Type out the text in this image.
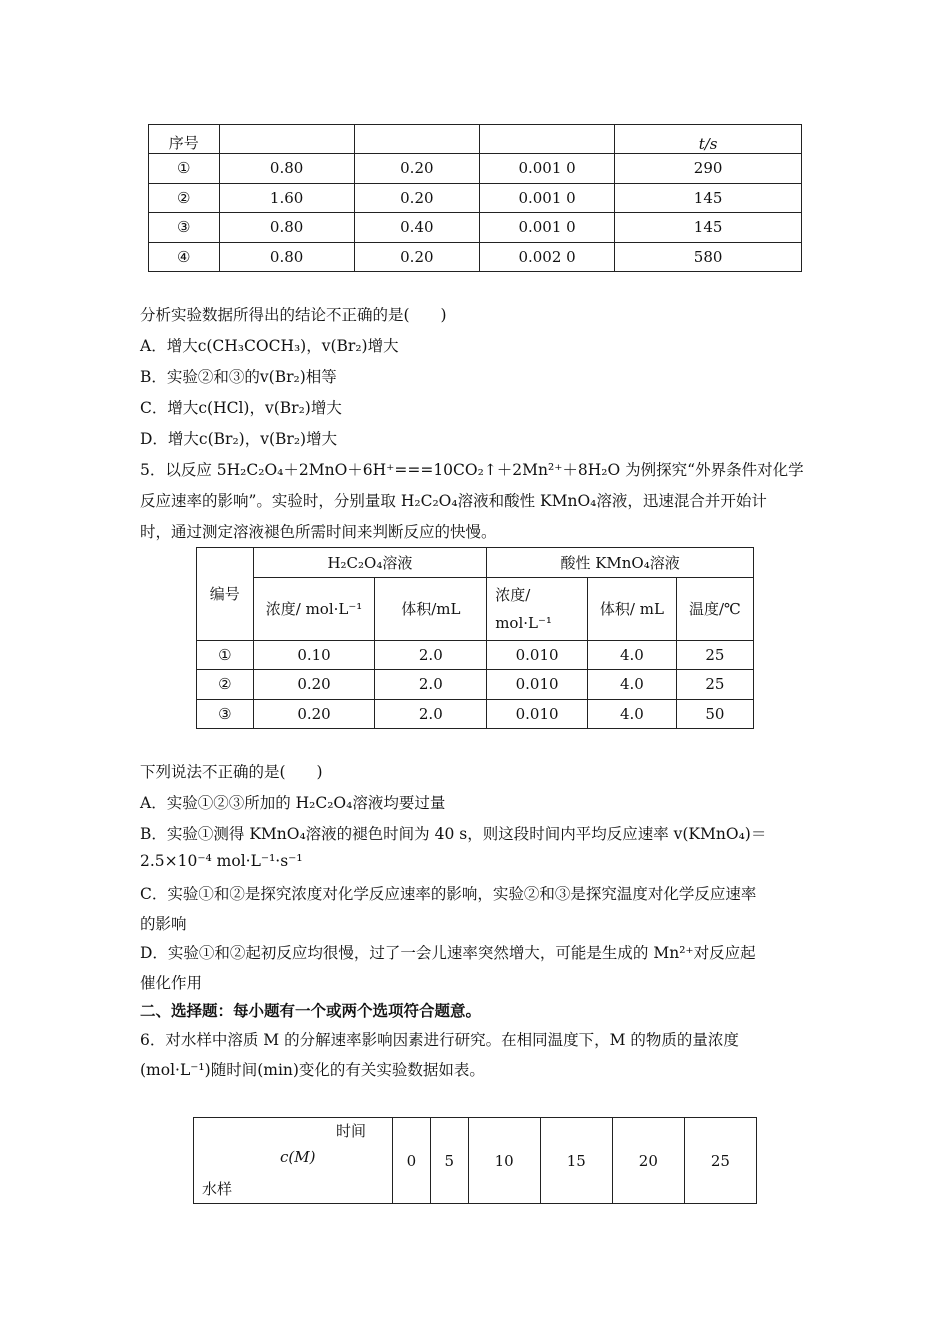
序号				t/s
①	0.80	0.20	0.001 0	290
②	1.60	0.20	0.001 0	145
③	0.80	0.40	0.001 0	145
④	0.80	0.20	0.002 0	580
分析实验数据所得出的结论不正确的是(　　)
A．增大c(CH₃COCH₃)，v(Br₂)增大
B．实验②和③的v(Br₂)相等
C．增大c(HCl)，v(Br₂)增大
D．增大c(Br₂)，v(Br₂)增大
5．以反应 5H₂C₂O₄＋2MnO＋6H⁺===10CO₂↑＋2Mn²⁺＋8H₂O 为例探究“外界条件对化学
反应速率的影响”。实验时，分别量取 H₂C₂O₄溶液和酸性 KMnO₄溶液，迅速混合并开始计
时，通过测定溶液褪色所需时间来判断反应的快慢。
编号	H₂C₂O₄溶液		酸性 KMnO₄溶液		
	浓度/ mol·L⁻¹	体积/mL	浓度/
mol·L⁻¹	体积/ mL	温度/℃
①	0.10	2.0	0.010	4.0	25
②	0.20	2.0	0.010	4.0	25
③	0.20	2.0	0.010	4.0	50
下列说法不正确的是(　　)
A．实验①②③所加的 H₂C₂O₄溶液均要过量
B．实验①测得 KMnO₄溶液的褪色时间为 40 s，则这段时间内平均反应速率 v(KMnO₄)＝
2.5×10⁻⁴ mol·L⁻¹·s⁻¹
C．实验①和②是探究浓度对化学反应速率的影响，实验②和③是探究温度对化学反应速率
的影响
D．实验①和②起初反应均很慢，过了一会儿速率突然增大，可能是生成的 Mn²⁺对反应起
催化作用
二、选择题：每小题有一个或两个选项符合题意。
6．对水样中溶质 M 的分解速率影响因素进行研究。在相同温度下，M 的物质的量浓度
(mol·L⁻¹)随时间(min)变化的有关实验数据如表。
时间
c(M)
水样
	0	5	10	15	20	25
